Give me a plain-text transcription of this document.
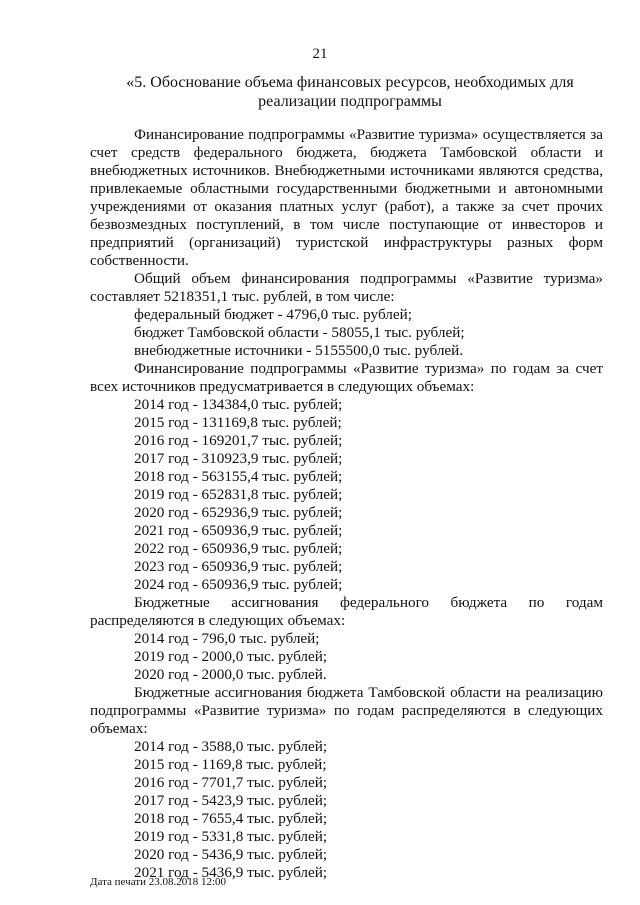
21
«5. Обоснование объема финансовых ресурсов, необходимых для
реализации подпрограммы

Финансирование подпрограммы «Развитие туризма» осуществляется за

счет средств федерального бюджета, бюджета Тамбовской области и

внебюджетных источников. Внебюджетными источниками являются средства,

привлекаемые областными государственными бюджетными и автономными

учреждениями от оказания платных услуг (работ), а также за счет прочих

безвозмездных поступлений, в том числе поступающие от инвесторов и

предприятий (организаций) туристской инфраструктуры разных форм

собственности.

Общий объем финансирования подпрограммы «Развитие туризма»

составляет 5218351,1 тыс. рублей, в том числе:

федеральный бюджет - 4796,0 тыс. рублей;

бюджет Тамбовской области - 58055,1 тыс. рублей;

внебюджетные источники - 5155500,0 тыс. рублей.

Финансирование подпрограммы «Развитие туризма» по годам за счет

всех источников предусматривается в следующих объемах:

2014 год - 134384,0 тыс. рублей;

2015 год - 131169,8 тыс. рублей;

2016 год - 169201,7 тыс. рублей;

2017 год - 310923,9 тыс. рублей;

2018 год - 563155,4 тыс. рублей;

2019 год - 652831,8 тыс. рублей;

2020 год - 652936,9 тыс. рублей;

2021 год - 650936,9 тыс. рублей;

2022 год - 650936,9 тыс. рублей;

2023 год - 650936,9 тыс. рублей;

2024 год - 650936,9 тыс. рублей;

Бюджетные ассигнования федерального бюджета по годам

распределяются в следующих объемах:

2014 год - 796,0 тыс. рублей;

2019 год - 2000,0 тыс. рублей;

2020 год - 2000,0 тыс. рублей.

Бюджетные ассигнования бюджета Тамбовской области на реализацию

подпрограммы «Развитие туризма» по годам распределяются в следующих

объемах:

2014 год - 3588,0 тыс. рублей;

2015 год - 1169,8 тыс. рублей;

2016 год - 7701,7 тыс. рублей;

2017 год - 5423,9 тыс. рублей;

2018 год - 7655,4 тыс. рублей;

2019 год - 5331,8 тыс. рублей;

2020 год - 5436,9 тыс. рублей;

2021 год - 5436,9 тыс. рублей;

Дата печати 23.08.2018 12:00
